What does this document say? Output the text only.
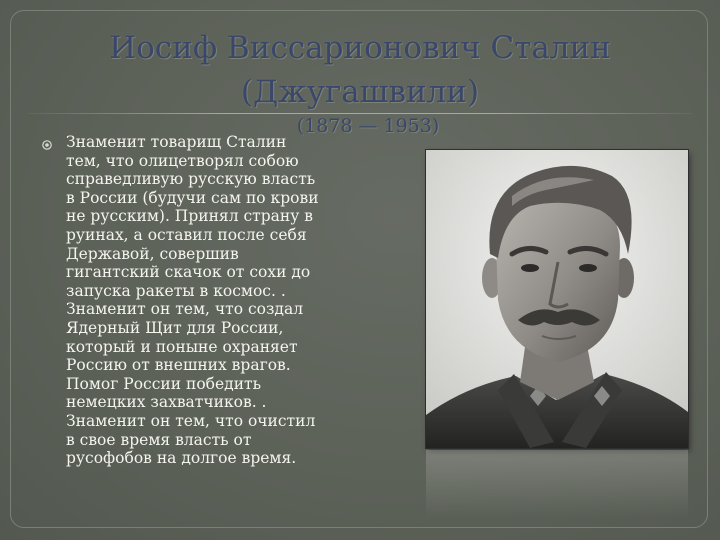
Иосиф Виссарионович Сталин
(Джугашвили)
(1878 — 1953)
Знаменит товарищ Сталин
тем, что олицетворял собою
справедливую русскую власть
в России (будучи сам по крови
не русским). Принял страну в
руинах, а оставил после себя
Державой, совершив
гигантский скачок от сохи до
запуска ракеты в космос. .
Знаменит он тем, что создал
Ядерный Щит для России,
который и поныне охраняет
Россию от внешних врагов.
Помог России победить
немецких захватчиков. .
Знаменит он тем, что очистил
в свое время власть от
русофобов на долгое время.
